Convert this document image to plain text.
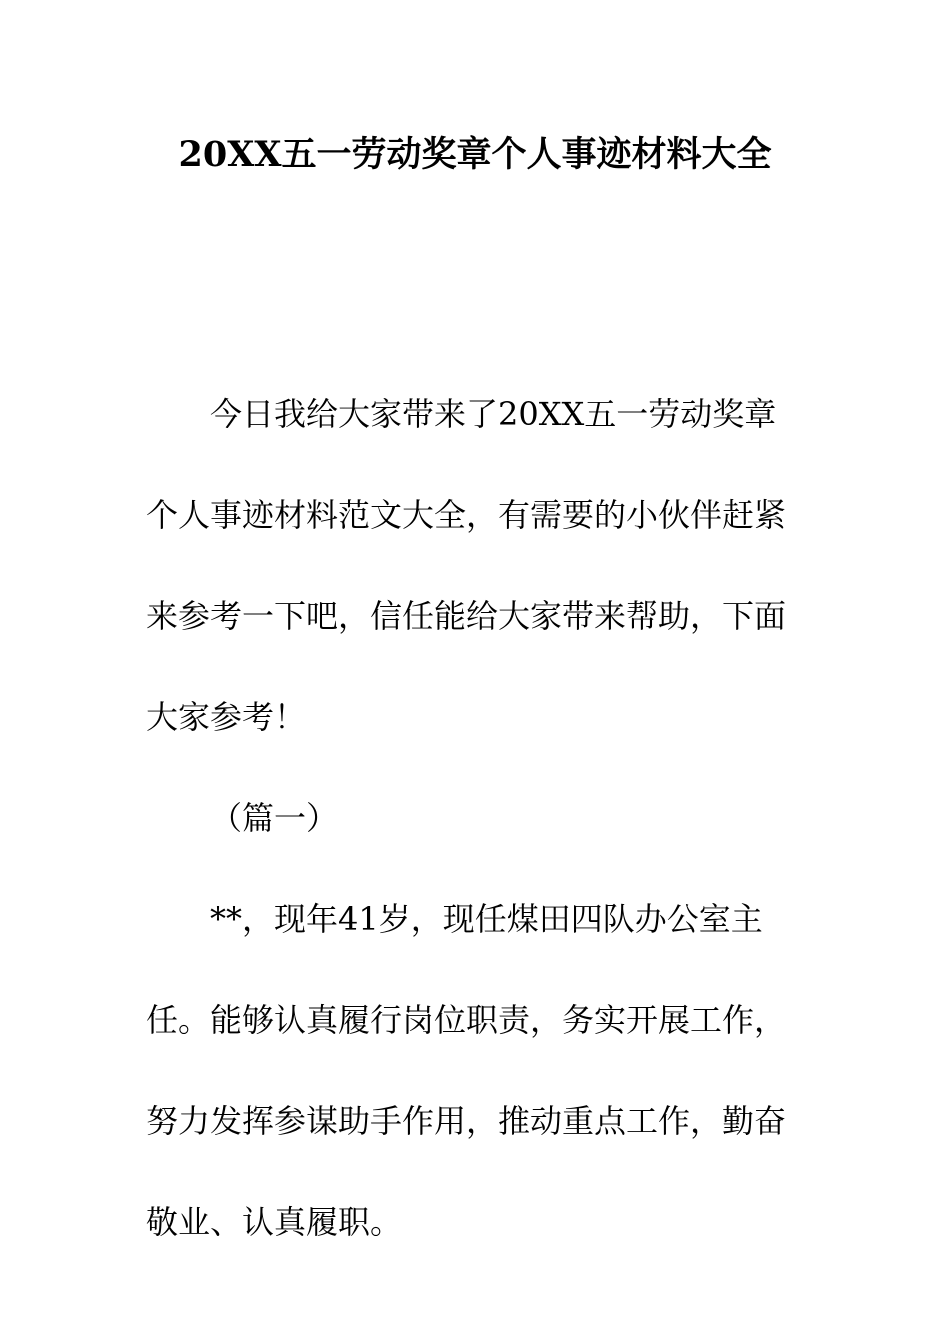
20XX五一劳动奖章个人事迹材料大全

今日我给大家带来了20XX五一劳动奖章个人事迹材料范文大全，有需要的小伙伴赶紧来参考一下吧，信任能给大家带来帮助，下面大家参考！

（篇一）

**，现年41岁，现任煤田四队办公室主任。能够认真履行岗位职责，务实开展工作，努力发挥参谋助手作用，推动重点工作，勤奋敬业、认真履职。
